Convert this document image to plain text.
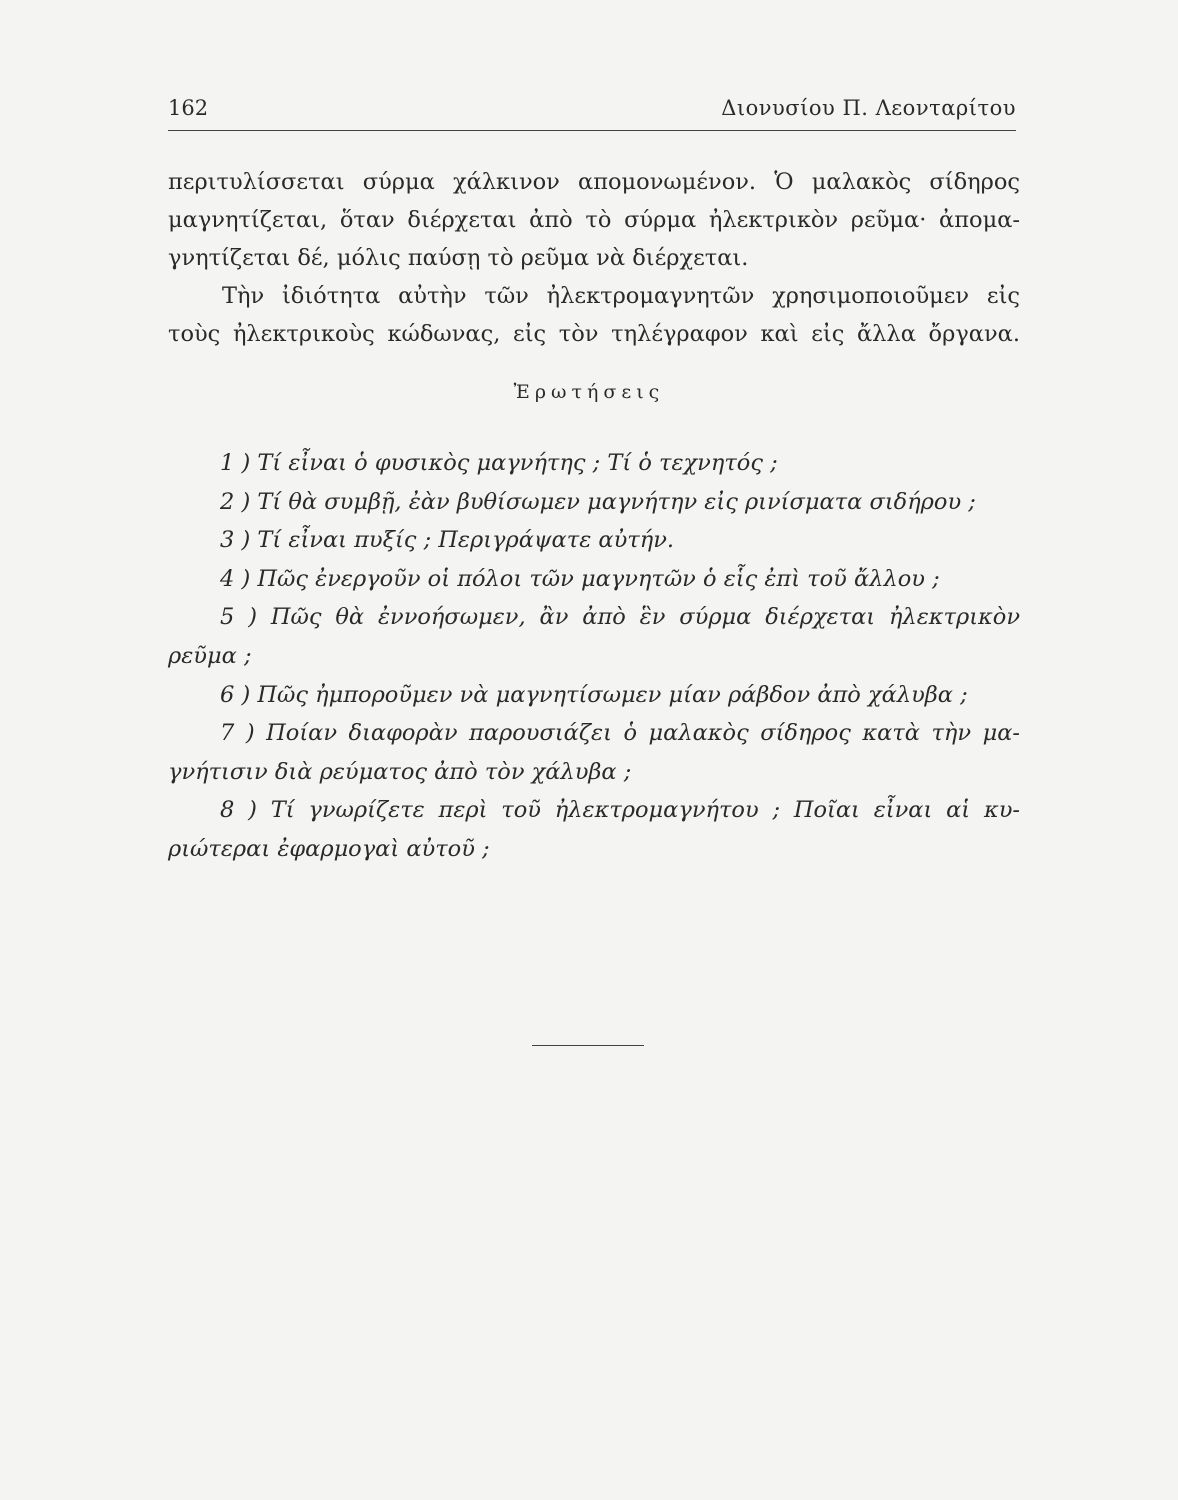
162	Διονυσίου Π. Λεονταρίτου
περιτυλίσσεται σύρμα χάλκινον απομονωμένον. Ὁ μαλακὸς σίδηρος
μαγνητίζεται, ὅταν διέρχεται ἀπὸ τὸ σύρμα ἠλεκτρικὸν ρεῦμα· ἀπομα-
γνητίζεται δέ, μόλις παύσῃ τὸ ρεῦμα νὰ διέρχεται.
Τὴν ἰδιότητα αὐτὴν τῶν ἠλεκτρομαγνητῶν χρησιμοποιοῦμεν εἰς
τοὺς ἠλεκτρικοὺς κώδωνας, εἰς τὸν τηλέγραφον καὶ εἰς ἄλλα ὄργανα.
Ἐρωτήσεις
1 ) Τί εἶναι ὁ φυσικὸς μαγνήτης ; Τί ὁ τεχνητός ;
2 ) Τί θὰ συμβῇ, ἐὰν βυθίσωμεν μαγνήτην εἰς ρινίσματα σιδήρου ;
3 ) Τί εἶναι πυξίς ; Περιγράψατε αὐτήν.
4 ) Πῶς ἐνεργοῦν οἱ πόλοι τῶν μαγνητῶν ὁ εἷς ἐπὶ τοῦ ἄλλου ;
5 ) Πῶς θὰ ἐννοήσωμεν, ἂν ἀπὸ ἓν σύρμα διέρχεται ἠλεκτρικὸν
ρεῦμα ;
6 ) Πῶς ἠμποροῦμεν νὰ μαγνητίσωμεν μίαν ράβδον ἀπὸ χάλυβα ;
7 ) Ποίαν διαφορὰν παρουσιάζει ὁ μαλακὸς σίδηρος κατὰ τὴν μα-
γνήτισιν διὰ ρεύματος ἀπὸ τὸν χάλυβα ;
8 ) Τί γνωρίζετε περὶ τοῦ ἠλεκτρομαγνήτου ; Ποῖαι εἶναι αἱ κυ-
ριώτεραι ἐφαρμογαὶ αὐτοῦ ;
